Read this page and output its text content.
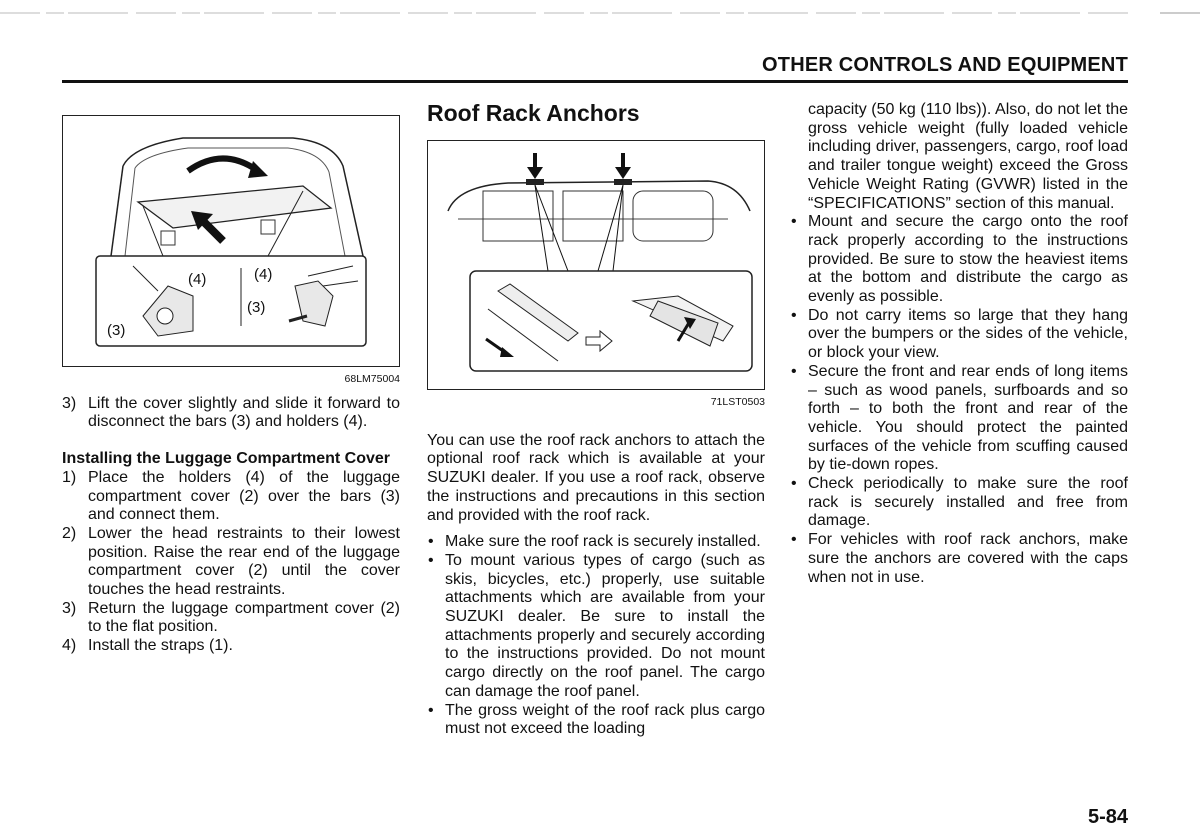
OTHER CONTROLS AND EQUIPMENT
(4)
(3)
(4)
(3)
68LM75004
3) Lift the cover slightly and slide it forward to disconnect the bars (3) and holders (4).
Installing the Luggage Compartment Cover
1) Place the holders (4) of the luggage compartment cover (2) over the bars (3) and connect them.
2) Lower the head restraints to their lowest position. Raise the rear end of the luggage compartment cover (2) until the cover touches the head restraints.
3) Return the luggage compartment cover (2) to the flat position.
4) Install the straps (1).
Roof Rack Anchors
71LST0503
You can use the roof rack anchors to attach the optional roof rack which is available at your SUZUKI dealer. If you use a roof rack, observe the instructions and precautions in this section and provided with the roof rack.
• Make sure the roof rack is securely installed.
• To mount various types of cargo (such as skis, bicycles, etc.) properly, use suitable attachments which are available from your SUZUKI dealer. Be sure to install the attachments properly and securely according to the instructions provided. Do not mount cargo directly on the roof panel. The cargo can damage the roof panel.
• The gross weight of the roof rack plus cargo must not exceed the loading
capacity (50 kg (110 lbs)). Also, do not let the gross vehicle weight (fully loaded vehicle including driver, passengers, cargo, roof load and trailer tongue weight) exceed the Gross Vehicle Weight Rating (GVWR) listed in the “SPECIFICATIONS” section of this manual.
• Mount and secure the cargo onto the roof rack properly according to the instructions provided. Be sure to stow the heaviest items at the bottom and distribute the cargo as evenly as possible.
• Do not carry items so large that they hang over the bumpers or the sides of the vehicle, or block your view.
• Secure the front and rear ends of long items – such as wood panels, surfboards and so forth – to both the front and rear of the vehicle. You should protect the painted surfaces of the vehicle from scuffing caused by tie-down ropes.
• Check periodically to make sure the roof rack is securely installed and free from damage.
• For vehicles with roof rack anchors, make sure the anchors are covered with the caps when not in use.
5-84
